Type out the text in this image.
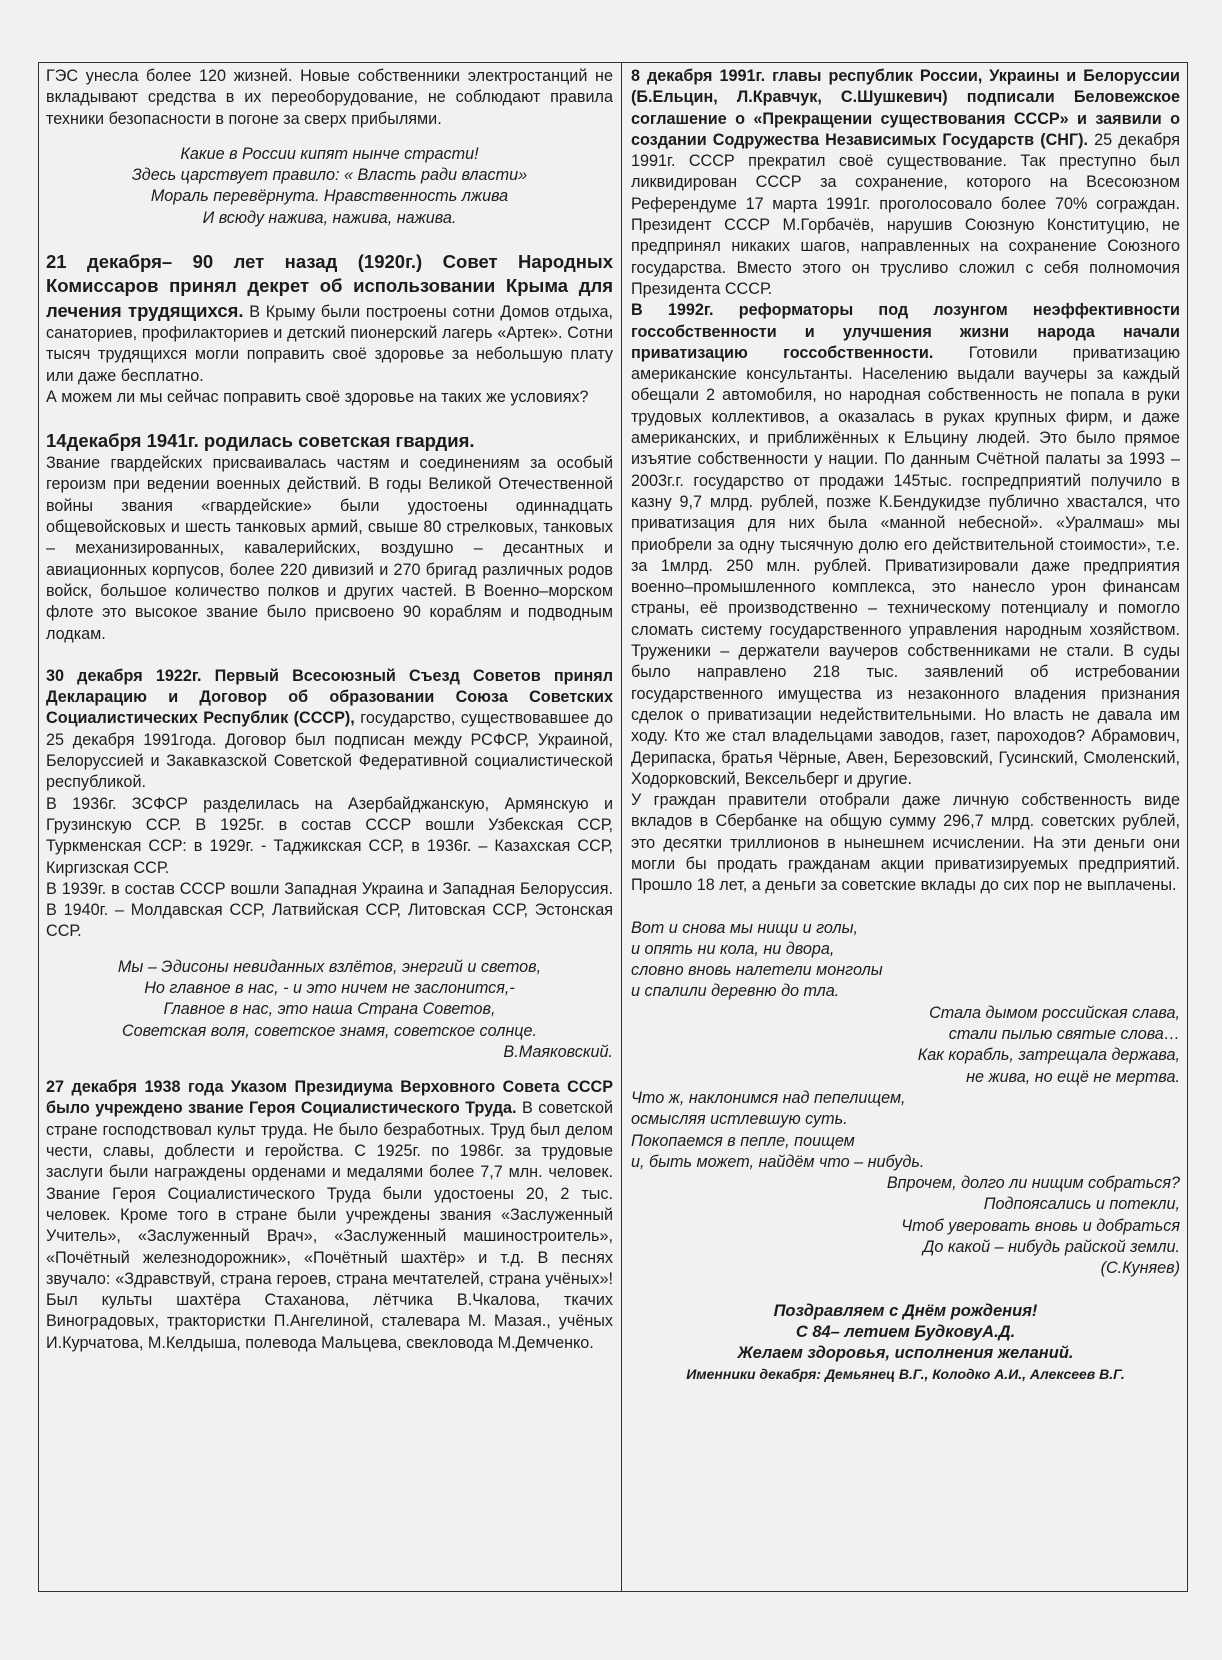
ГЭС унесла более 120 жизней. Новые собственники электростанций не вкладывают средства в их переоборудование, не соблюдают правила техники безопасности в погоне за сверх прибылями.

Какие в России кипят нынче страсти!

Здесь царствует правило: « Власть ради власти»

Мораль перевёрнута. Нравственность лжива

И всюду нажива, нажива, нажива.

21 декабря– 90 лет назад (1920г.) Совет Народных Комиссаров принял декрет об использовании Крыма для лечения трудящихся. В Крыму были построены сотни Домов отдыха, санаториев, профилакториев и детский пионерский лагерь «Артек». Сотни тысяч трудящихся могли поправить своё здоровье за небольшую плату или даже бесплатно.

А можем ли мы сейчас поправить своё здоровье на таких же условиях?

14декабря 1941г. родилась советская гвардия.

Звание гвардейских присваивалась частям и соединениям за особый героизм при ведении военных действий. В годы Великой Отечественной войны звания «гвардейские» были удостоены одиннадцать общевойсковых и шесть танковых армий, свыше 80 стрелковых, танковых – механизированных, кавалерийских, воздушно – десантных и авиационных корпусов, более 220 дивизий и 270 бригад различных родов войск, большое количество полков и других частей. В Военно–морском флоте это высокое звание было присвоено 90 кораблям и подводным лодкам.

30 декабря 1922г. Первый Всесоюзный Съезд Советов принял Декларацию и Договор об образовании Союза Советских Социалистических Республик (СССР), государство, существовавшее до 25 декабря 1991года. Договор был подписан между РСФСР, Украиной, Белоруссией и Закавказской Советской Федеративной социалистической республикой.

В 1936г. ЗСФСР разделилась на Азербайджанскую, Армянскую и Грузинскую ССР. В 1925г. в состав СССР вошли Узбекская ССР, Туркменская ССР: в 1929г. - Таджикская ССР, в 1936г. – Казахская ССР, Киргизская ССР.

В 1939г. в состав СССР вошли Западная Украина и Западная Белоруссия. В 1940г. – Молдавская ССР, Латвийская ССР, Литовская ССР, Эстонская ССР.

Мы – Эдисоны невиданных взлётов, энергий и светов,

Но главное в нас, - и это ничем не заслонится,-

Главное в нас, это наша Страна Советов,

Советская воля, советское знамя, советское солнце.

В.Маяковский.

27 декабря 1938 года Указом Президиума Верховного Совета СССР было учреждено звание Героя Социалистического Труда. В советской стране господствовал культ труда. Не было безработных. Труд был делом чести, славы, доблести и геройства. С 1925г. по 1986г. за трудовые заслуги были награждены орденами и медалями более 7,7 млн. человек. Звание Героя Социалистического Труда были удостоены 20, 2 тыс. человек. Кроме того в стране были учреждены звания «Заслуженный Учитель», «Заслуженный Врач», «Заслуженный машиностроитель», «Почётный железнодорожник», «Почётный шахтёр» и т.д. В песнях звучало: «Здравствуй, страна героев, страна мечтателей, страна учёных»! Был культы шахтёра Стаханова, лётчика В.Чкалова, ткачих Виноградовых, трактористки П.Ангелиной, сталевара М. Мазая., учёных И.Курчатова, М.Келдыша, полевода Мальцева, свекловода М.Демченко.

8 декабря 1991г. главы республик России, Украины и Белоруссии (Б.Ельцин, Л.Кравчук, С.Шушкевич) подписали Беловежское соглашение о «Прекращении существования СССР» и заявили о создании Содружества Независимых Государств (СНГ). 25 декабря 1991г. СССР прекратил своё существование. Так преступно был ликвидирован СССР за сохранение, которого на Всесоюзном Референдуме 17 марта 1991г. проголосовало более 70% сограждан. Президент СССР М.Горбачёв, нарушив Союзную Конституцию, не предпринял никаких шагов, направленных на сохранение Союзного государства. Вместо этого он трусливо сложил с себя полномочия Президента СССР.

В 1992г. реформаторы под лозунгом неэффективности госсобственности и улучшения жизни народа начали приватизацию госсобственности. Готовили приватизацию американские консультанты. Населению выдали ваучеры за каждый обещали 2 автомобиля, но народная собственность не попала в руки трудовых коллективов, а оказалась в руках крупных фирм, и даже американских, и приближённых к Ельцину людей. Это было прямое изъятие собственности у нации. По данным Счётной палаты за 1993 – 2003г.г. государство от продажи 145тыс. госпредприятий получило в казну 9,7 млрд. рублей, позже К.Бендукидзе публично хвастался, что приватизация для них была «манной небесной». «Уралмаш» мы приобрели за одну тысячную долю его действительной стоимости», т.е. за 1млрд. 250 млн. рублей. Приватизировали даже предприятия военно–промышленного комплекса, это нанесло урон финансам страны, её производственно – техническому потенциалу и помогло сломать систему государственного управления народным хозяйством. Труженики – держатели ваучеров собственниками не стали. В суды было направлено 218 тыс. заявлений об истребовании государственного имущества из незаконного владения признания сделок о приватизации недействительными. Но власть не давала им ходу. Кто же стал владельцами заводов, газет, пароходов? Абрамович, Дерипаска, братья Чёрные, Авен, Березовский, Гусинский, Смоленский, Ходорковский, Вексельберг и другие.

У граждан правители отобрали даже личную собственность виде вкладов в Сбербанке на общую сумму 296,7 млрд. советских рублей, это десятки триллионов в нынешнем исчислении. На эти деньги они могли бы продать гражданам акции приватизируемых предприятий. Прошло 18 лет, а деньги за советские вклады до сих пор не выплачены.

Вот и снова мы нищи и голы,

и опять ни кола, ни двора,

словно вновь налетели монголы

и спалили деревню до тла.

Стала дымом российская слава,

стали пылью святые слова…

Как корабль, затрещала держава,

не жива, но ещё не мертва.

Что ж, наклонимся над пепелищем,

осмысляя истлевшую суть.

Покопаемся в пепле, поищем

и, быть может, найдём что – нибудь.

Впрочем, долго ли нищим собраться?

Подпоясались и потекли,

Чтоб уверовать вновь и добраться

До какой – нибудь райской земли.

(С.Куняев)

Поздравляем с Днём рождения!

С 84– летием БудковуА.Д.

Желаем здоровья, исполнения желаний.

Именники декабря: Демьянец В.Г., Колодко А.И., Алексеев В.Г.
